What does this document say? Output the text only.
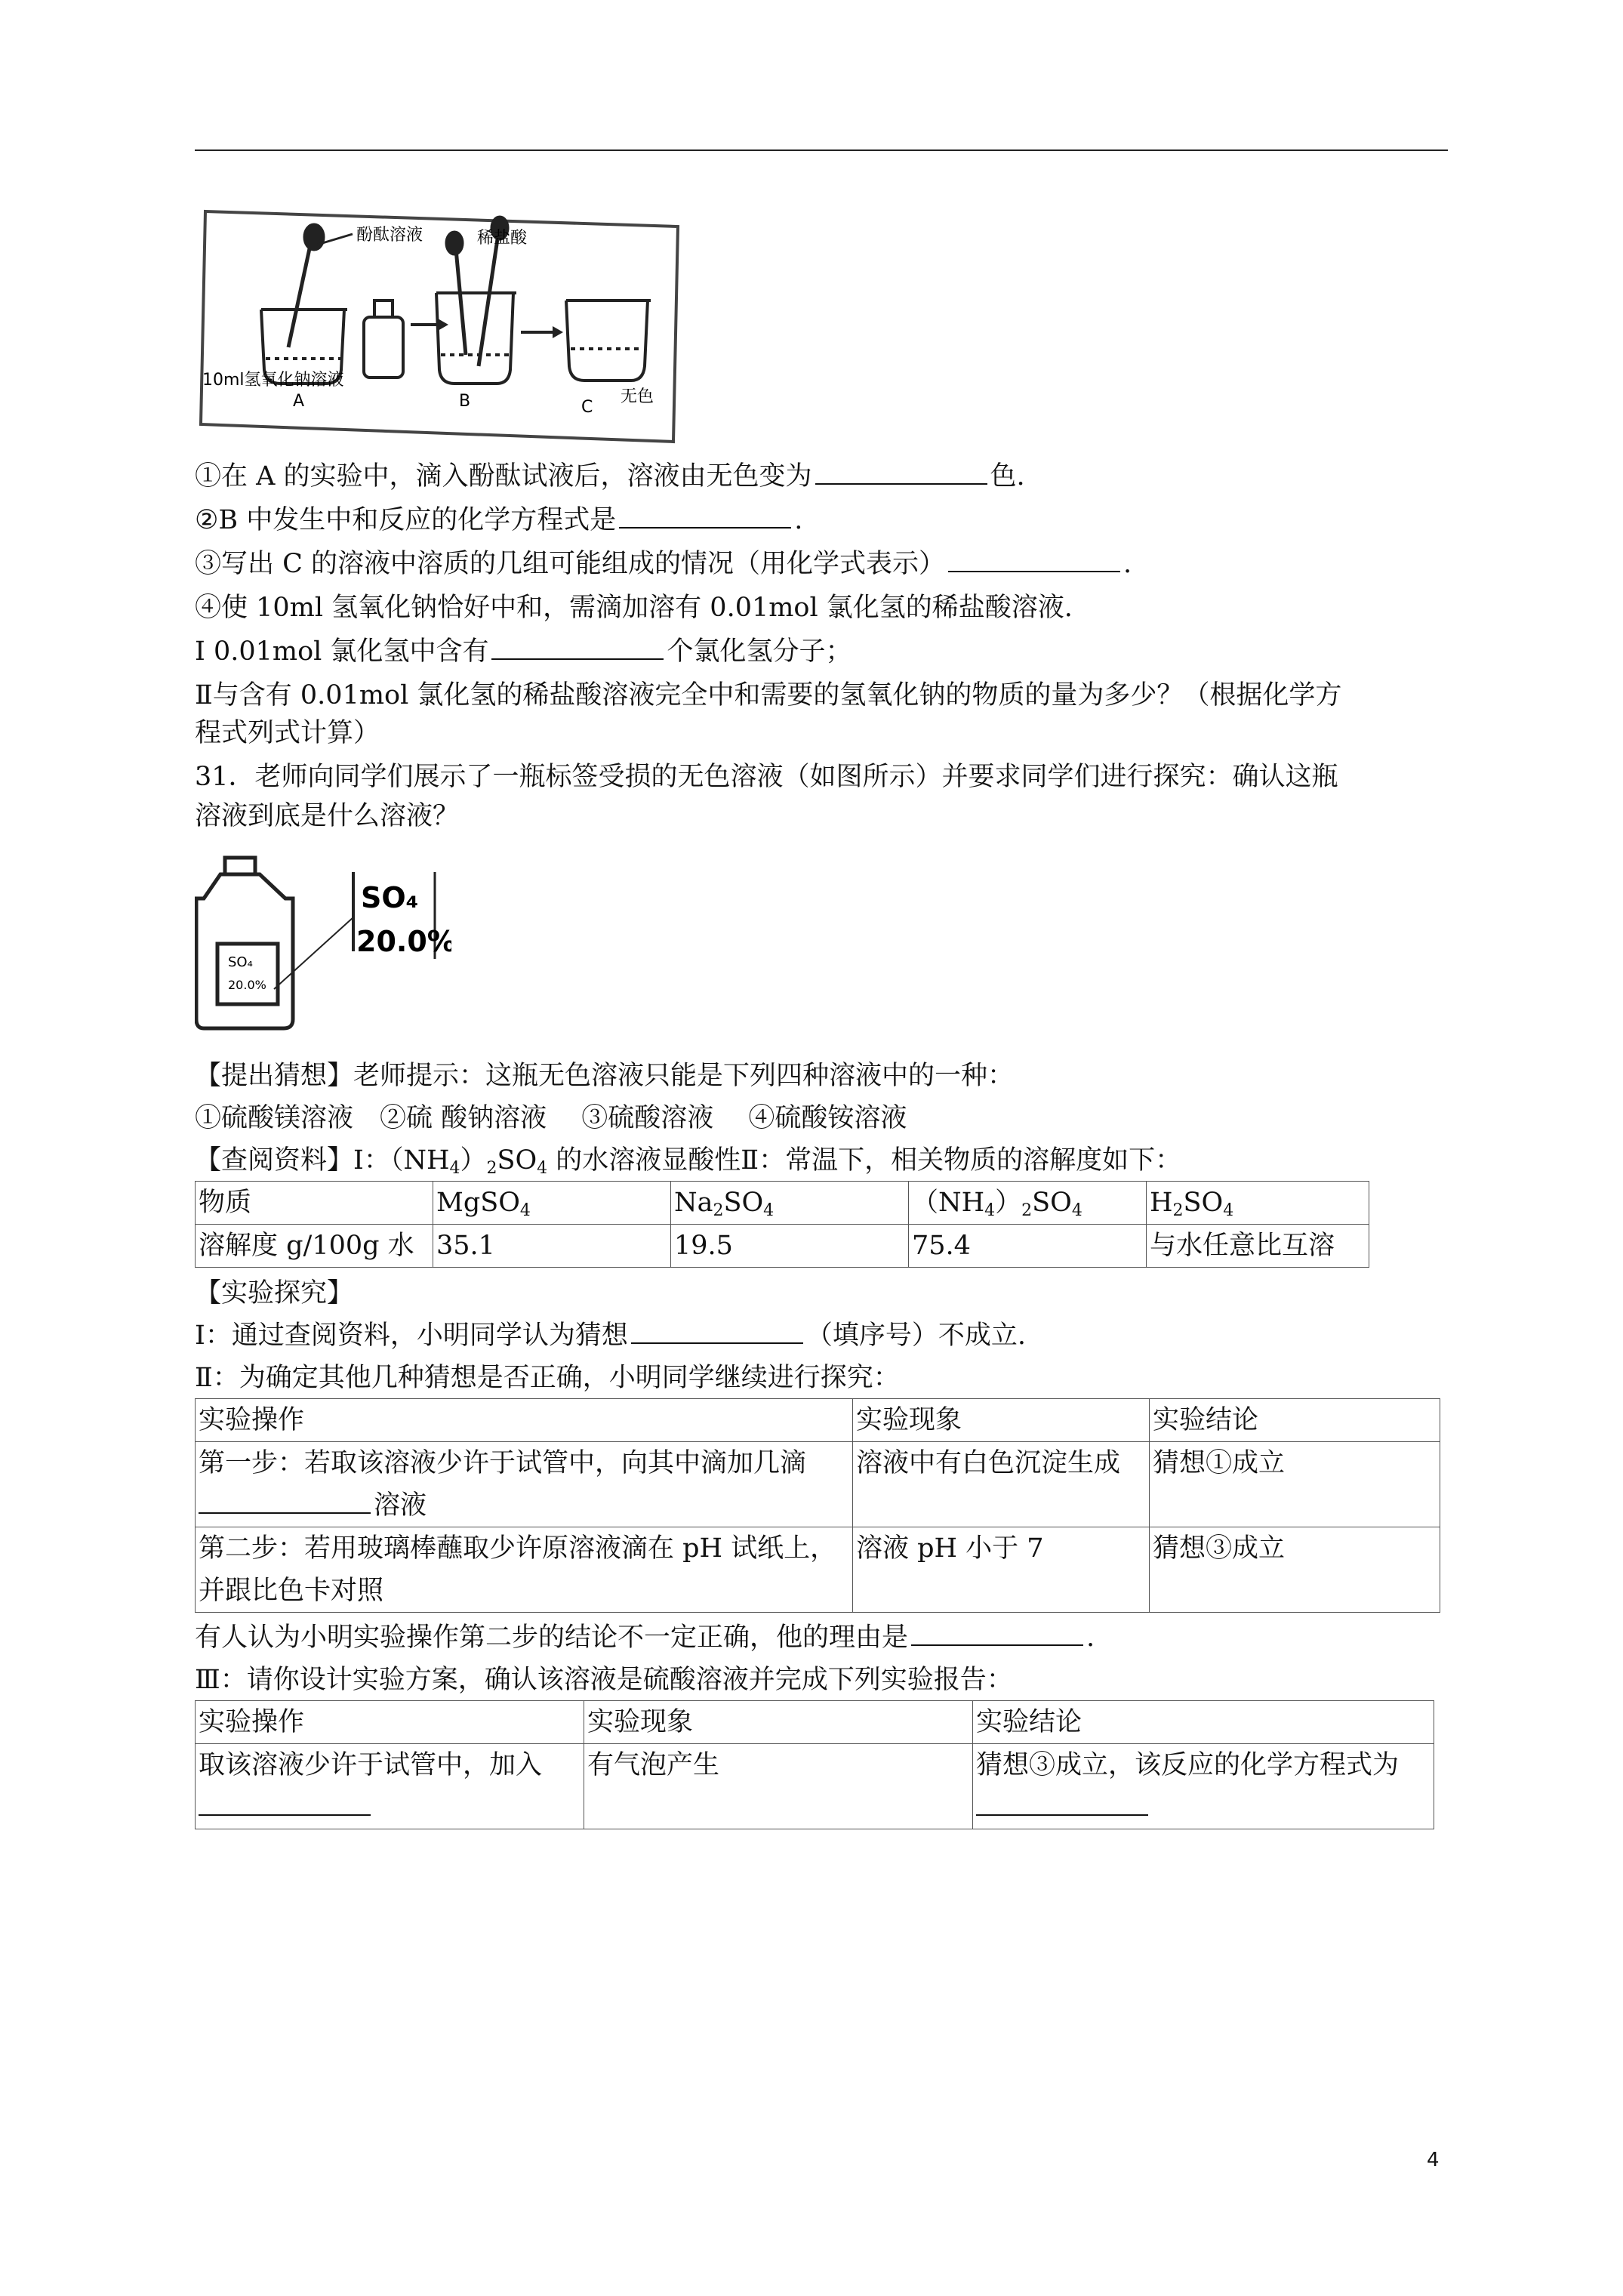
酚酞溶液
10ml氢氧化钠溶液
A
稀盐酸
B	C
无色
①在 A 的实验中，滴入酚酞试液后，溶液由无色变为	色.
②B 中发生中和反应的化学方程式是	.
③写出 C 的溶液中溶质的几组可能组成的情况（用化学式表示）	.
④使 10ml 氢氧化钠恰好中和，需滴加溶有 0.01mol 氯化氢的稀盐酸溶液.
Ⅰ 0.01mol 氯化氢中含有	个氯化氢分子；
Ⅱ与含有 0.01mol 氯化氢的稀盐酸溶液完全中和需要的氢氧化钠的物质的量为多少？（根据化学方
程式列式计算）
31．老师向同学们展示了一瓶标签受损的无色溶液（如图所示）并要求同学们进行探究：确认这瓶
溶液到底是什么溶液？
SO₄
20.0%
SO₄
20.0%
【提出猜想】老师提示：这瓶无色溶液只能是下列四种溶液中的一种：
①硫酸镁溶液　②硫 酸钠溶液　 ③硫酸溶液　 ④硫酸铵溶液
【查阅资料】Ⅰ：$(NH_4)_2SO_4$ 的水溶液显酸性Ⅱ：常温下，相关物质的溶解度如下：
物质	MgSO$_4$	$Na_2SO_4$	$(NH_4)_2SO_4$	$H_2SO_4$
溶解度 g/100g 水	35.1	19.5	75.4	与水任意比互溶
【实验探究】
Ⅰ：通过查阅资料，小明同学认为猜想	（填序号）不成立.
Ⅱ：为确定其他几种猜想是否正确，小明同学继续进行探究：
实验操作	实验现象	实验结论

第一步：若取该溶液少许于试管中，向其中滴加几滴
溶液	溶液中有白色沉淀生成	猜想①成立

第二步：若用玻璃棒蘸取少许原溶液滴在 pH 试纸上，
并跟比色卡对照	溶液 pH 小于 7	猜想③成立
有人认为小明实验操作第二步的结论不一定正确，他的理由是	.
Ⅲ：请你设计实验方案，确认该溶液是硫酸溶液并完成下列实验报告：
实验操作	实验现象	实验结论

取该溶液少许于试管中，加入	有气泡产生	猜想③成立，该反应的化学方程式为
4
